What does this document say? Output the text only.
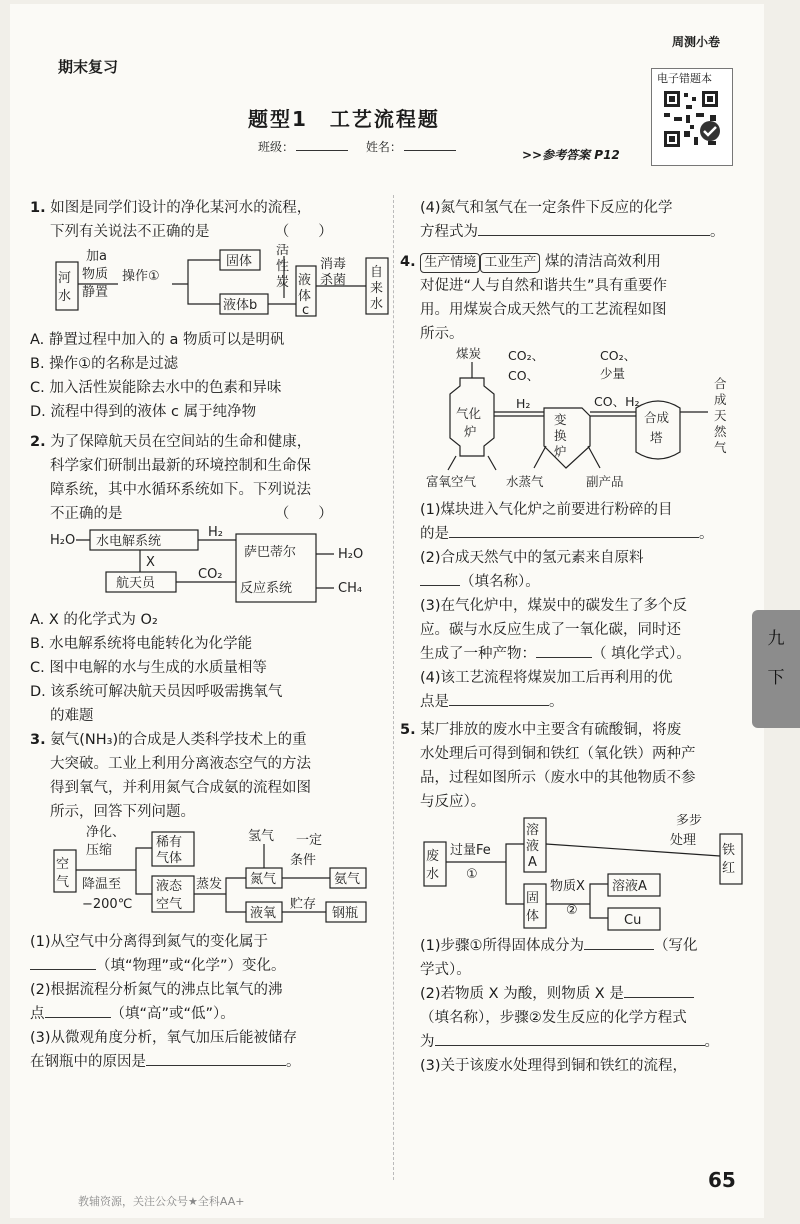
期末复习
周测小卷
电子错题本
题型1　工艺流程题
班级：	姓名：
>>参考答案 P12
九
下

1. 如图是同学们设计的净化某河水的流程，

下列有关说法不正确的是　　　　　（　　）

河
水
加a
物质
静置
操作①
固体
液体b
活
性
炭 液
体
c
消毒
杀菌
自
来
水

A. 静置过程中加入的 a 物质可以是明矾

B. 操作①的名称是过滤

C. 加入活性炭能除去水中的色素和异味

D. 流程中得到的液体 c 属于纯净物

2. 为了保障航天员在空间站的生命和健康，

科学家们研制出最新的环境控制和生命保

障系统，其中水循环系统如下。下列说法

不正确的是　　　　　　　　　　　（　　）

H₂O 水电解系统
H₂
X
航天员
CO₂
萨巴蒂尔
反应系统
H₂O
CH₄

A. X 的化学式为 O₂

B. 水电解系统将电能转化为化学能

C. 图中电解的水与生成的水质量相等

D. 该系统可解决航天员因呼吸需携氧气

的难题

3. 氨气(NH₃)的合成是人类科学技术上的重

大突破。工业上利用分离液态空气的方法

得到氧气，并利用氮气合成氨的流程如图

所示，回答下列问题。

空
气
净化、
压缩
降温至
−200℃
稀有
气体
液态
空气
蒸发
氢气 一定
条件
氮气	氨气
液氧
贮存
钢瓶

(1)从空气中分离得到氮气的变化属于

（填“物理”或“化学”）变化。

(2)根据流程分析氮气的沸点比氧气的沸

点	（填“高”或“低”）。

(3)从微观角度分析，氧气加压后能被储存

在钢瓶中的原因是	。

(4)氮气和氢气在一定条件下反应的化学

方程式为	。

4. 生产情境 工业生产 煤的清洁高效利用

对促进“人与自然和谐共生”具有重要作

用。用煤炭合成天然气的工艺流程如图

所示。

煤炭 CO₂、
CO、
H₂
气化
炉
变
换
炉
CO₂、
少量
CO、H₂
合成
塔
合
成
天
然
气
富氧空气 水蒸气	副产品

(1)煤块进入气化炉之前要进行粉碎的目

的是	。

(2)合成天然气中的氢元素来自原料

（填名称）。

(3)在气化炉中，煤炭中的碳发生了多个反

应。碳与水反应生成了一氧化碳，同时还

生成了一种产物：	（ 填化学式）。

(4)该工艺流程将煤炭加工后再利用的优

点是	。

5. 某厂排放的废水中主要含有硫酸铜，将废

水处理后可得到铜和铁红（氧化铁）两种产

品，过程如图所示（废水中的其他物质不参

与反应）。

废
水
过量Fe
①
溶
液
A
固
体
多步
处理
铁
红
物质X
②
溶液A
Cu

(1)步骤①所得固体成分为	（写化

学式）。

(2)若物质 X 为酸，则物质 X 是

（填名称），步骤②发生反应的化学方程式

为	。

(3)关于该废水处理得到铜和铁红的流程，

教辅资源，关注公众号★全科AA+
65
